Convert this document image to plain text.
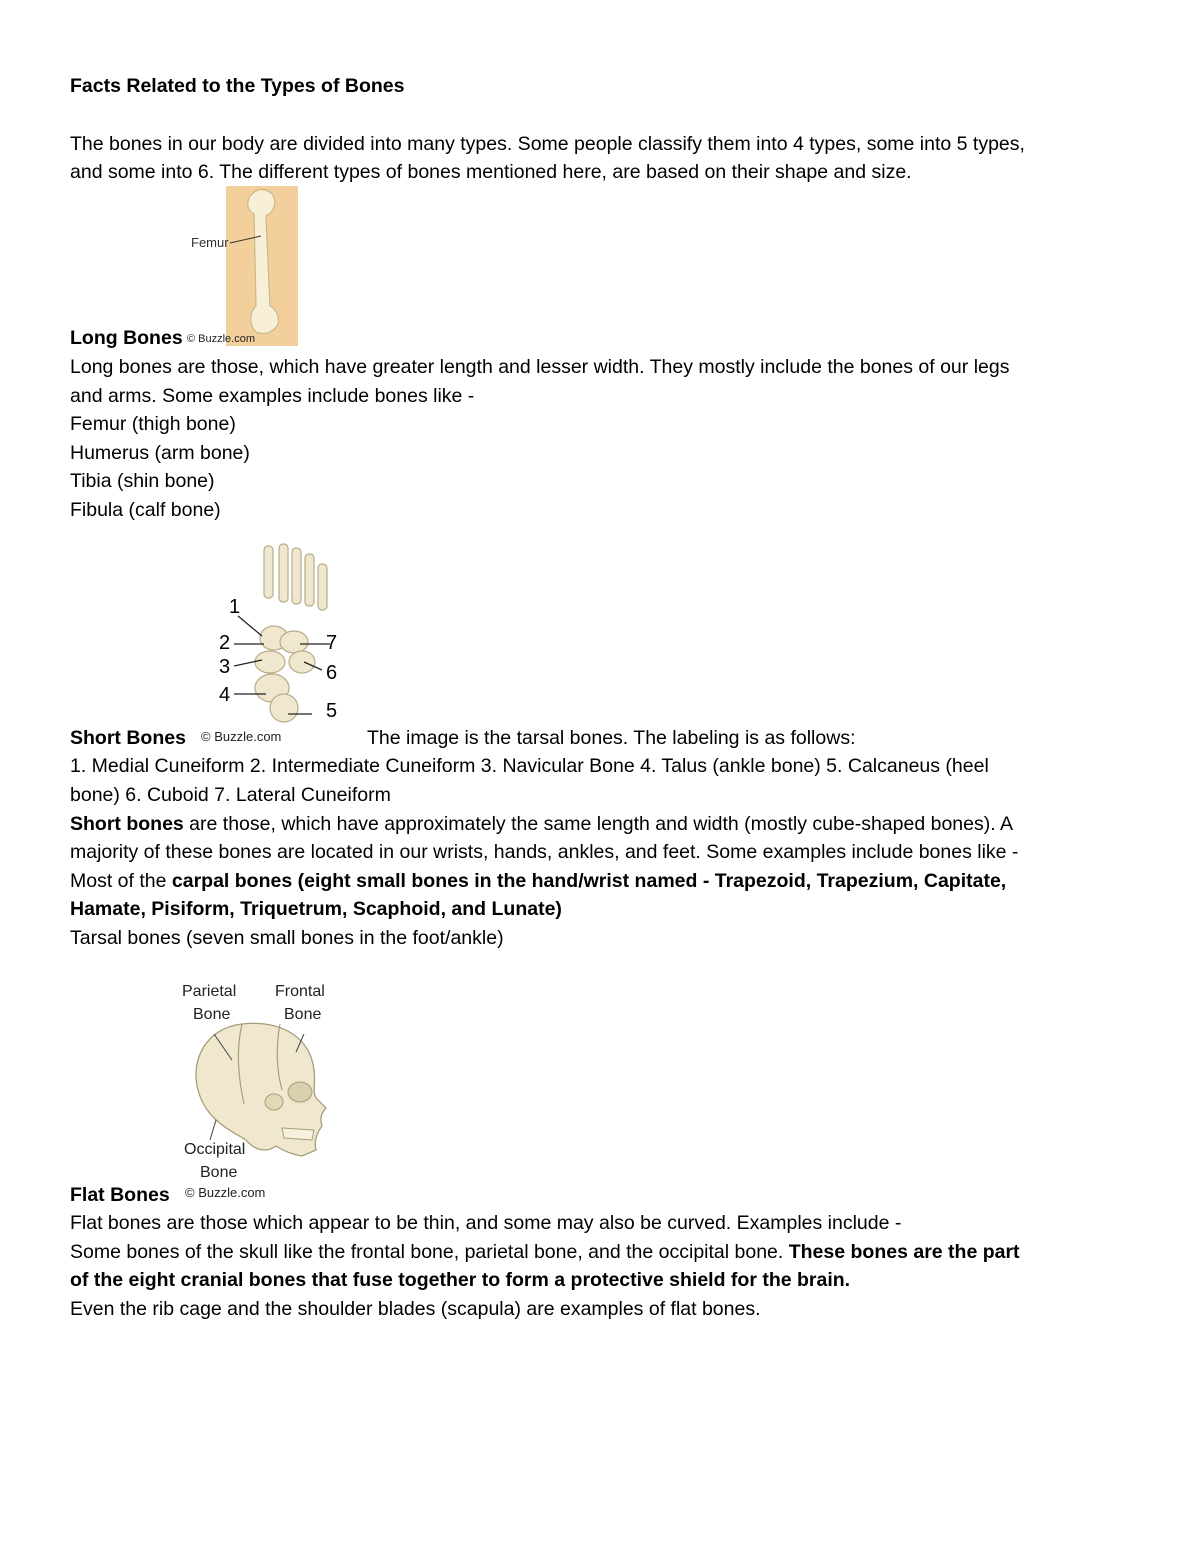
Facts Related to the Types of Bones
The bones in our body are divided into many types. Some people classify them into 4 types, some into 5 types,
and some into 6. The different types of bones mentioned here, are based on their shape and size.
Femur
Long Bones © Buzzle.com
Long bones are those, which have greater length and lesser width. They mostly include the bones of our legs
and arms. Some examples include bones like -
Femur (thigh bone)
Humerus (arm bone)
Tibia (shin bone)
Fibula (calf bone)
1
2
3
4
5
6
7
Short Bones © Buzzle.com	The image is the tarsal bones. The labeling is as follows:
1. Medial Cuneiform 2. Intermediate Cuneiform 3. Navicular Bone 4. Talus (ankle bone) 5. Calcaneus (heel
bone) 6. Cuboid 7. Lateral Cuneiform
Short bones are those, which have approximately the same length and width (mostly cube-shaped bones). A
majority of these bones are located in our wrists, hands, ankles, and feet. Some examples include bones like -
Most of the carpal bones (eight small bones in the hand/wrist named - Trapezoid, Trapezium, Capitate,
Hamate, Pisiform, Triquetrum, Scaphoid, and Lunate)
Tarsal bones (seven small bones in the foot/ankle)
Parietal
Bone
Frontal
Bone
Occipital
Bone
Flat Bones © Buzzle.com
Flat bones are those which appear to be thin, and some may also be curved. Examples include -
Some bones of the skull like the frontal bone, parietal bone, and the occipital bone. These bones are the part
of the eight cranial bones that fuse together to form a protective shield for the brain.
Even the rib cage and the shoulder blades (scapula) are examples of flat bones.
